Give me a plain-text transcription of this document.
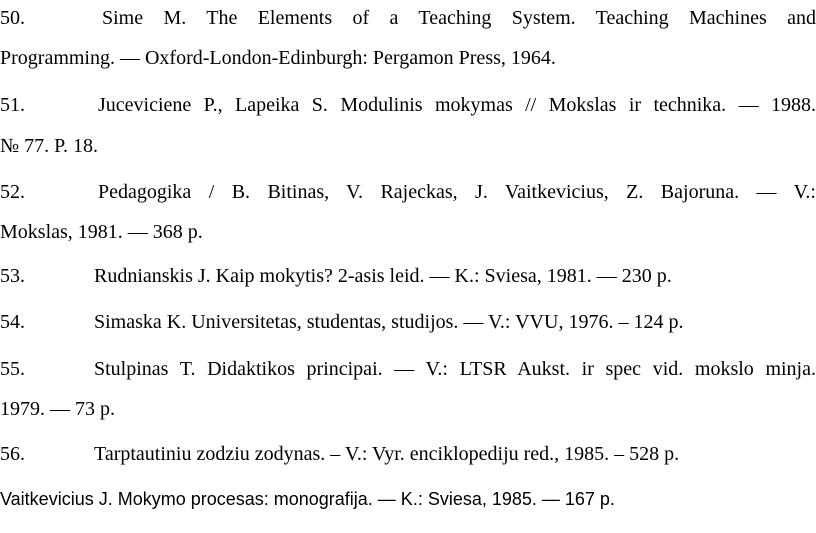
50.	Sime M. The Elements of a Teaching System. Teaching Machines and
Programming. — Oxford-London-Edinburgh: Pergamon Press, 1964.
51.	Juceviciene P., Lapeika S. Modulinis mokymas // Mokslas ir technika. — 1988.
№ 77. P. 18.
52.	Pedagogika / B. Bitinas, V. Rajeckas, J. Vaitkevicius, Z. Bajoruna. — V.:
Mokslas, 1981. — 368 p.
53.	Rudnianskis J. Kaip mokytis? 2-asis leid. — K.: Sviesa, 1981. — 230 p.
54.	Simaska K. Universitetas, studentas, studijos. — V.: VVU, 1976. – 124 p.
55.	Stulpinas T. Didaktikos principai. — V.: LTSR Aukst. ir spec vid. mokslo minja.
1979. — 73 p.
56.	Tarptautiniu zodziu zodynas. – V.: Vyr. enciklopediju red., 1985. – 528 p.
Vaitkevicius J. Mokymo procesas: monografija. — K.: Sviesa, 1985. — 167 p.
